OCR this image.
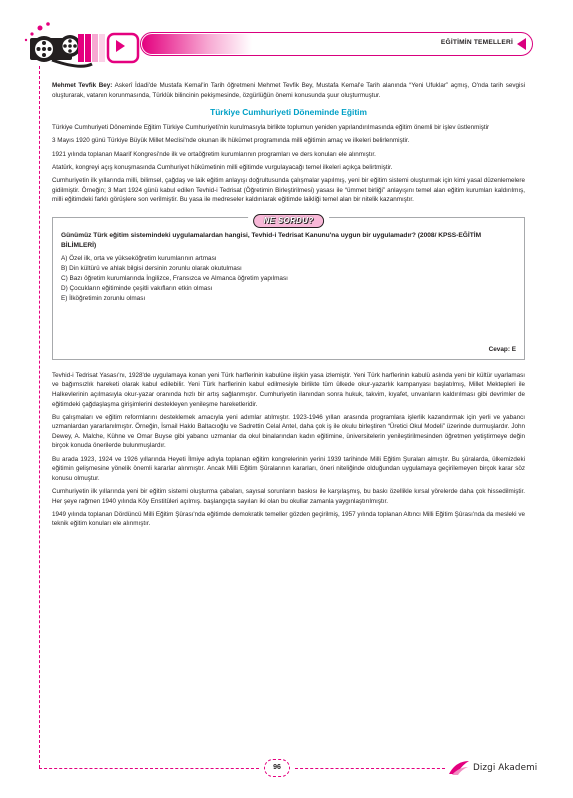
EĞİTİMİN TEMELLERİ

Mehmet Tevfik Bey: Askerî İdadi'de Mustafa Kemal'in Tarih öğretmeni Mehmet Tevfik Bey, Mustafa Kemal'e Tarih alanında “Yeni Ufuklar” açmış, O'nda tarih sevgisi oluşturarak, vatanın korunmasında, Türklük bilincinin pekişmesinde, özgürlüğün önemi konusunda şuur oluşturmuştur.

Türkiye Cumhuriyeti Döneminde Eğitim

Türkiye Cumhuriyeti Döneminde Eğitim Türkiye Cumhuriyeti'nin kurulmasıyla birlikte toplumun yeniden yapılandırılmasında eğitim önemli bir işlev üstlenmiştir

3 Mayıs 1920 günü Türkiye Büyük Millet Meclisi'nde okunan ilk hükümet programında milli eğitimin amaç ve ilkeleri belirlenmiştir.

1921 yılında toplanan Maarif Kongresi'nde ilk ve ortaöğretim kurumlarının programları ve ders konuları ele alınmıştır.

Atatürk, kongreyi açış konuşmasında Cumhuriyet hükümetinin milli eğitimde vurgulayacağı temel ilkeleri açıkça belirtmiştir.

Cumhuriyetin ilk yıllarında milli, bilimsel, çağdaş ve laik eğitim anlayışı doğrultusunda çalışmalar yapılmış, yeni bir eğitim sistemi oluşturmak için kimi yasal düzenlemelere gidilmiştir. Örneğin; 3 Mart 1924 günü kabul edilen Tevhid-i Tedrisat (Öğretimin Birleştirilmesi) yasası ile “ümmet birliği” anlayışını temel alan eğitim kurumları kaldırılmış, milli eğitimdeki farklı görüşlere son verilmiştir. Bu yasa ile medreseler kaldırılarak eğitimde laikliği temel alan bir nitelik kazanmıştır.

NE SORDU?
Günümüz Türk eğitim sistemindeki uygulamalardan hangisi, Tevhid-i Tedrisat Kanunu'na uygun bir uygulamadır? (2008/ KPSS-EĞİTİM BİLİMLERİ)
A) Özel ilk, orta ve yükseköğretim kurumlarının artması
B) Din kültürü ve ahlak bilgisi dersinin zorunlu olarak okutulması
C) Bazı öğretim kurumlarında İngilizce, Fransızca ve Almanca öğretim yapılması
D) Çocukların eğitiminde çeşitli vakıfların etkin olması
E) İlköğretimin zorunlu olması
Cevap: E

Tevhid-i Tedrisat Yasası'nı, 1928'de uygulamaya konan yeni Türk harflerinin kabulüne ilişkin yasa izlemiştir. Yeni Türk harflerinin kabulü aslında yeni bir kültür uyarlaması ve bağımsızlık hareketi olarak kabul edilebilir. Yeni Türk harflerinin kabul edilmesiyle birlikte tüm ülkede okur-yazarlık kampanyası başlatılmış, Millet Mektepleri ile Halkevlerinin açılmasıyla okur-yazar oranında hızlı bir artış sağlanmıştır. Cumhuriyetin ilanından sonra hukuk, takvim, kıyafet, unvanların kaldırılması gibi devrimler de eğitimdeki çağdaşlaşma girişimlerini destekleyen yenileşme hareketleridir.

Bu çalışmaları ve eğitim reformlarını desteklemek amacıyla yeni adımlar atılmıştır. 1923-1946 yılları arasında programlara işlerlik kazandırmak için yerli ve yabancı uzmanlardan yararlanılmıştır. Örneğin, İsmail Hakkı Baltacıoğlu ve Sadrettin Celal Antel, daha çok iş ile okulu birleştiren “Üretici Okul Modeli” üzerinde durmuşlardır. John Dewey, A. Malche, Kühne ve Omar Buyse gibi yabancı uzmanlar da okul binalarından kadın eğitimine, üniversitelerin yenileştirilmesinden öğretmen yetiştirmeye değin birçok konuda önerilerde bulunmuşlardır.

Bu arada 1923, 1924 ve 1926 yıllarında Heyeti İlmiye adıyla toplanan eğitim kongrelerinin yerini 1939 tarihinde Milli Eğitim Şuraları almıştır. Bu şûralarda, ülkemizdeki eğitimin gelişmesine yönelik önemli kararlar alınmıştır. Ancak Milli Eğitim Şûralarının kararları, öneri niteliğinde olduğundan uygulamaya geçirilemeyen birçok karar söz konusu olmuştur.

Cumhuriyetin ilk yıllarında yeni bir eğitim sistemi oluşturma çabaları, sayısal sorunların baskısı ile karşılaşmış, bu baskı özellikle kırsal yörelerde daha çok hissedilmiştir. Her şeye rağmen 1940 yılında Köy Enstitüleri açılmış. başlangıçta sayıları iki olan bu okullar zamanla yaygınlaştırılmıştır.

1949 yılında toplanan Dördüncü Milli Eğitim Şûrası'nda eğitimde demokratik temeller gözden geçirilmiş, 1957 yılında toplanan Altıncı Milli Eğitim Şûrası'nda da mesleki ve teknik eğitim konuları ele alınmıştır.

96	Dizgi Akademi
